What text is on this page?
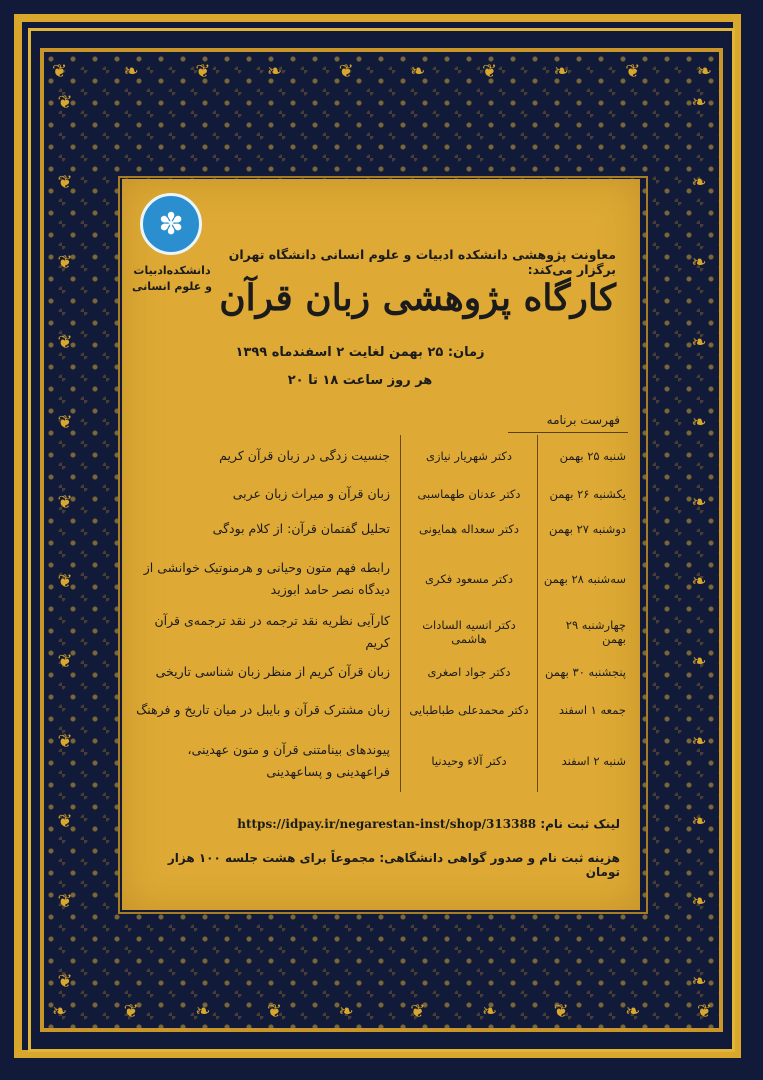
❦	❧	❦	❧	❦	❧	❦	❧	❦	❧
❧	❦	❧	❦	❧	❦	❧	❦	❧	❦
❦
❦
❦
❦
❦
❦
❦
❦
❦
❦
❦
❦
❧
❧
❧
❧
❧
❧
❧
❧
❧
❧
❧
❧
✽
دانشکده‌ادبیات
و علوم انسانی
معاونت پژوهشی دانشکده ادبیات و علوم انسانی دانشگاه تهران برگزار می‌کند:
کارگاه پژوهشی زبان قرآن
زمان: ۲۵ بهمن لغایت ۲ اسفندماه ۱۳۹۹
هر روز ساعت ۱۸ تا ۲۰
فهرست برنامه
شنبه ۲۵ بهمن	دکتر شهریار نیازی	جنسیت زدگی در زبان قرآن کریم
یکشنبه ۲۶ بهمن	دکتر عدنان طهماسبی	زبان قرآن و میراث زبان عربی
دوشنبه ۲۷ بهمن	دکتر سعداله همایونی	تحلیل گفتمان قرآن: از کلام بودگی
سه‌شنبه ۲۸ بهمن	دکتر مسعود فکری	رابطه فهم متون وحیانی و هرمنوتیک خوانشی از دیدگاه نصر حامد ابوزید
چهارشنبه ۲۹ بهمن	دکتر انسیه السادات هاشمی	کارآیی نظریه نقد ترجمه در نقد ترجمه‌ی قرآن کریم
پنجشنبه ۳۰ بهمن	دکتر جواد اصغری	زبان قرآن کریم از منظر زبان شناسی تاریخی
جمعه ۱ اسفند	دکتر محمدعلی طباطبایی	زبان مشترک قرآن و بایبل در میان تاریخ و فرهنگ
شنبه ۲ اسفند	دکتر آلاء وحیدنیا	پیوندهای بینامتنی قرآن و متون عهدینی، فراعهدینی و پساعهدینی
لینک ثبت نام: https://idpay.ir/negarestan-inst/shop/313388
هزینه ثبت نام و صدور گواهی دانشگاهی: مجموعاً برای هشت جلسه ۱۰۰ هزار تومان
